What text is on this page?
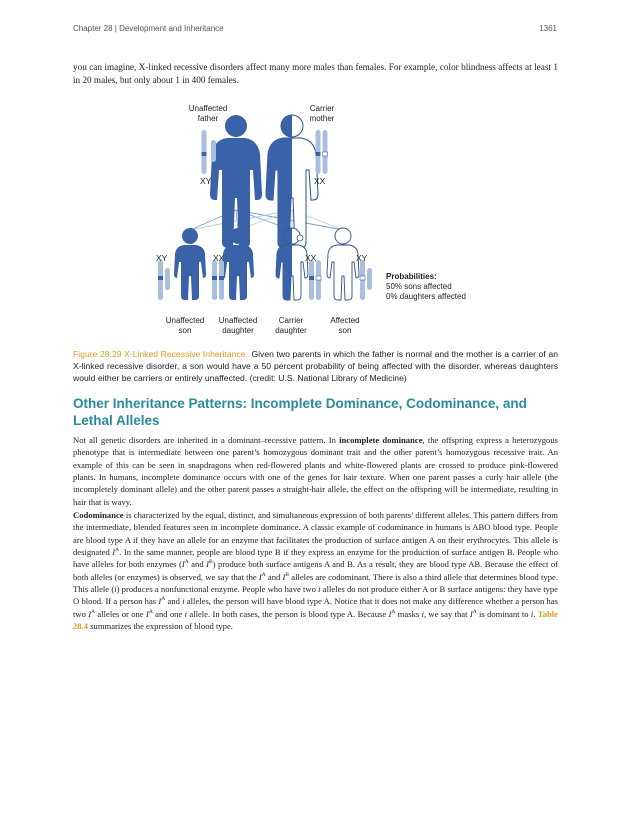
Chapter 28 | Development and Inheritance	1361
you can imagine, X-linked recessive disorders affect many more males than females. For example, color blindness affects at least 1 in 20 males, but only about 1 in 400 females.
Unaffected
father
Carrier
mother
XY	XX
XY	XX	XX	XY
Unaffected
son
Unaffected
daughter
Carrier
daughter
Affected
son
Probabilities:
50% sons affected
0% daughters affected
Figure 28.29 X-Linked Recessive Inheritance Given two parents in which the father is normal and the mother is a carrier of an X-linked recessive disorder, a son would have a 50 percent probability of being affected with the disorder, whereas daughters would either be carriers or entirely unaffected. (credit: U.S. National Library of Medicine)
Other Inheritance Patterns: Incomplete Dominance, Codominance, and Lethal Alleles
Not all genetic disorders are inherited in a dominant–recessive pattern. In incomplete dominance, the offspring express a heterozygous phenotype that is intermediate between one parent’s homozygous dominant trait and the other parent’s homozygous recessive trait. An example of this can be seen in snapdragons when red-flowered plants and white-flowered plants are crossed to produce pink-flowered plants. In humans, incomplete dominance occurs with one of the genes for hair texture. When one parent passes a curly hair allele (the incompletely dominant allele) and the other parent passes a straight-hair allele, the effect on the offspring will be intermediate, resulting in hair that is wavy.
Codominance is characterized by the equal, distinct, and simultaneous expression of both parents’ different alleles. This pattern differs from the intermediate, blended features seen in incomplete dominance. A classic example of codominance in humans is ABO blood type. People are blood type A if they have an allele for an enzyme that facilitates the production of surface antigen A on their erythrocytes. This allele is designated $I^A$. In the same manner, people are blood type B if they express an enzyme for the production of surface antigen B. People who have alleles for both enzymes ($I^A$ and $I^B$) produce both surface antigens A and B. As a result, they are blood type AB. Because the effect of both alleles (or enzymes) is observed, we say that the $I^A$ and $I^B$ alleles are codominant. There is also a third allele that determines blood type. This allele (i) produces a nonfunctional enzyme. People who have two i alleles do not produce either A or B surface antigens: they have type O blood. If a person has $I^A$ and i alleles, the person will have blood type A. Notice that it does not make any difference whether a person has two $I^A$ alleles or one $I^A$ and one i allele. In both cases, the person is blood type A. Because $I^A$ masks i, we say that $I^A$ is dominant to i. Table 28.4 summarizes the expression of blood type.
